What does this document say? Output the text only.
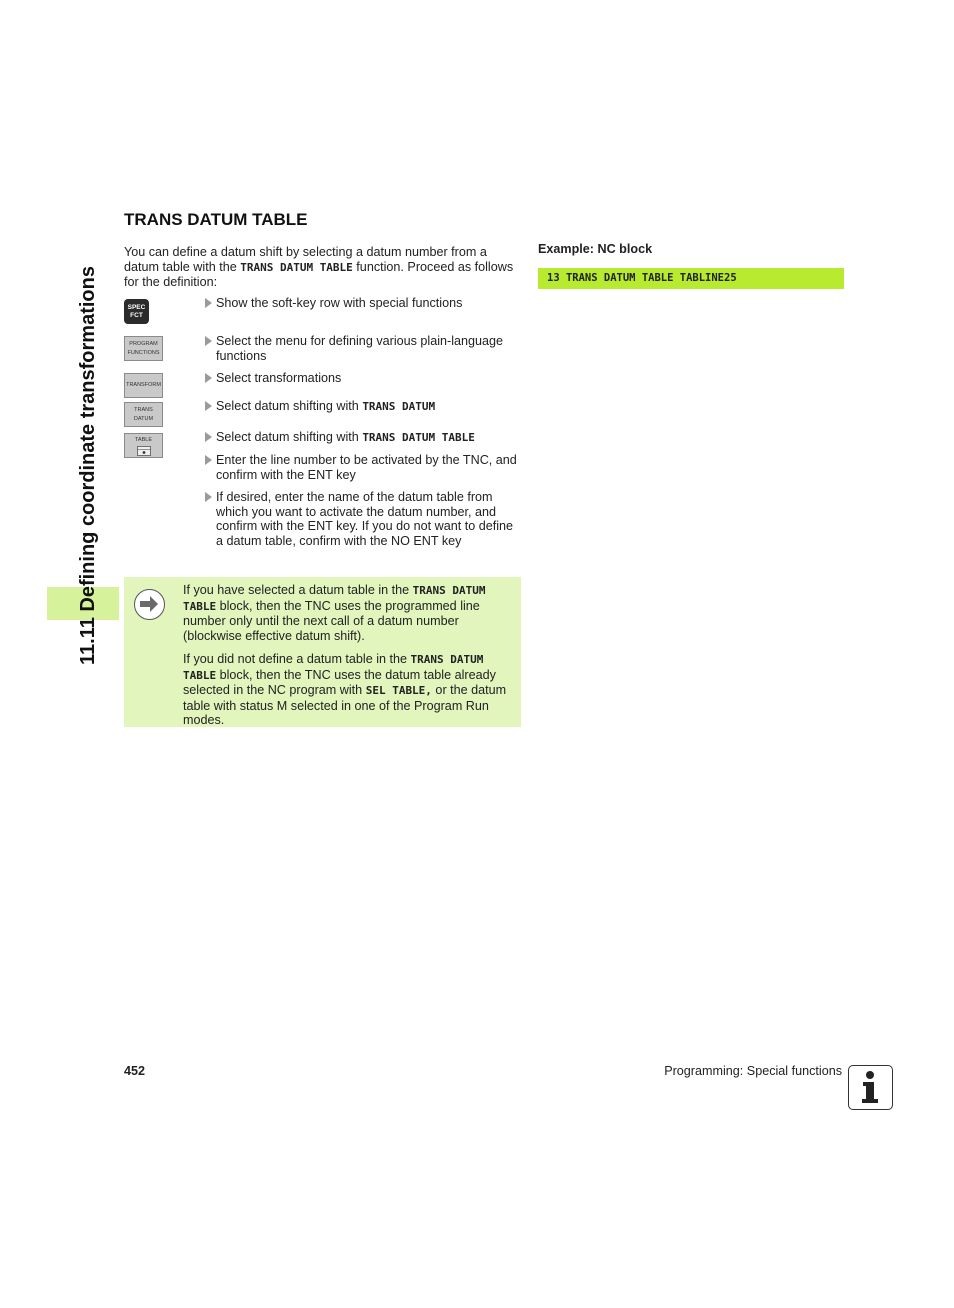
11.11 Defining coordinate transformations
TRANS DATUM TABLE
You can define a datum shift by selecting a datum number from a datum table with the TRANS DATUM TABLE function. Proceed as follows for the definition:
SPEC
FCT
PROGRAM
FUNCTIONS
TRANSFORM
TRANS
DATUM
TABLE
Show the soft-key row with special functions
Select the menu for defining various plain-language functions
Select transformations
Select datum shifting with TRANS DATUM
Select datum shifting with TRANS DATUM TABLE
Enter the line number to be activated by the TNC, and confirm with the ENT key
If desired, enter the name of the datum table from which you want to activate the datum number, and confirm with the ENT key. If you do not want to define a datum table, confirm with the NO ENT key

If you have selected a datum table in the TRANS DATUM TABLE block, then the TNC uses the programmed line number only until the next call of a datum number (blockwise effective datum shift).

If you did not define a datum table in the TRANS DATUM TABLE block, then the TNC uses the datum table already selected in the NC program with SEL TABLE, or the datum table with status M selected in one of the Program Run modes.

Example: NC block
13 TRANS DATUM TABLE TABLINE25
452	Programming: Special functions
